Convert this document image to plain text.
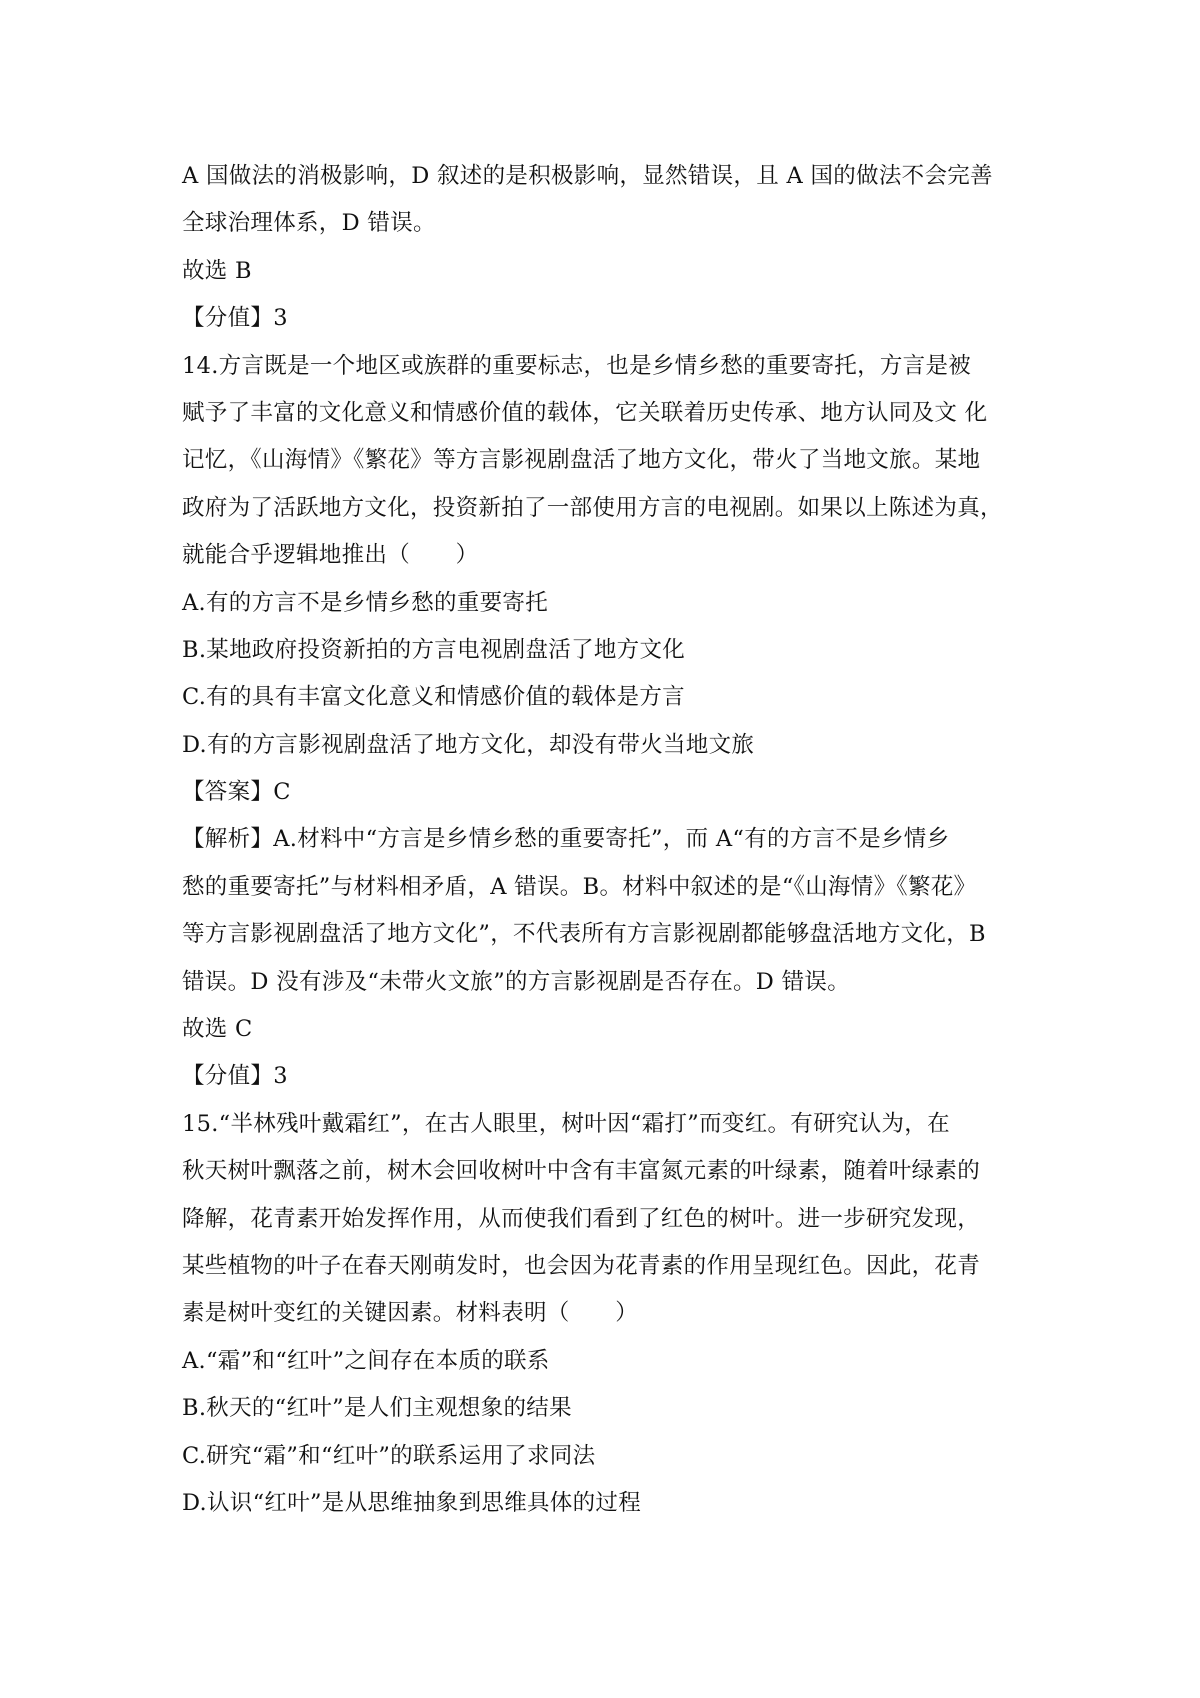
A 国做法的消极影响，D 叙述的是积极影响，显然错误，且 A 国的做法不会完善
全球治理体系，D 错误。
故选 B
【分值】3
14.方言既是一个地区或族群的重要标志，也是乡情乡愁的重要寄托，方言是被
赋予了丰富的文化意义和情感价值的载体，它关联着历史传承、地方认同及文 化
记忆，《山海情》《繁花》等方言影视剧盘活了地方文化，带火了当地文旅。某地
政府为了活跃地方文化，投资新拍了一部使用方言的电视剧。如果以上陈述为真，
就能合乎逻辑地推出（　　）
A.有的方言不是乡情乡愁的重要寄托
B.某地政府投资新拍的方言电视剧盘活了地方文化
C.有的具有丰富文化意义和情感价值的载体是方言
D.有的方言影视剧盘活了地方文化，却没有带火当地文旅
【答案】C
【解析】A.材料中“方言是乡情乡愁的重要寄托”，而 A“有的方言不是乡情乡
愁的重要寄托”与材料相矛盾，A 错误。B。材料中叙述的是“《山海情》《繁花》
等方言影视剧盘活了地方文化”，不代表所有方言影视剧都能够盘活地方文化，B
错误。D 没有涉及“未带火文旅”的方言影视剧是否存在。D 错误。
故选 C
【分值】3
15.“半林残叶戴霜红”，在古人眼里，树叶因“霜打”而变红。有研究认为，在
秋天树叶飘落之前，树木会回收树叶中含有丰富氮元素的叶绿素，随着叶绿素的
降解，花青素开始发挥作用，从而使我们看到了红色的树叶。进一步研究发现，
某些植物的叶子在春天刚萌发时，也会因为花青素的作用呈现红色。因此，花青
素是树叶变红的关键因素。材料表明（　　）
A.“霜”和“红叶”之间存在本质的联系
B.秋天的“红叶”是人们主观想象的结果
C.研究“霜”和“红叶”的联系运用了求同法
D.认识“红叶”是从思维抽象到思维具体的过程
